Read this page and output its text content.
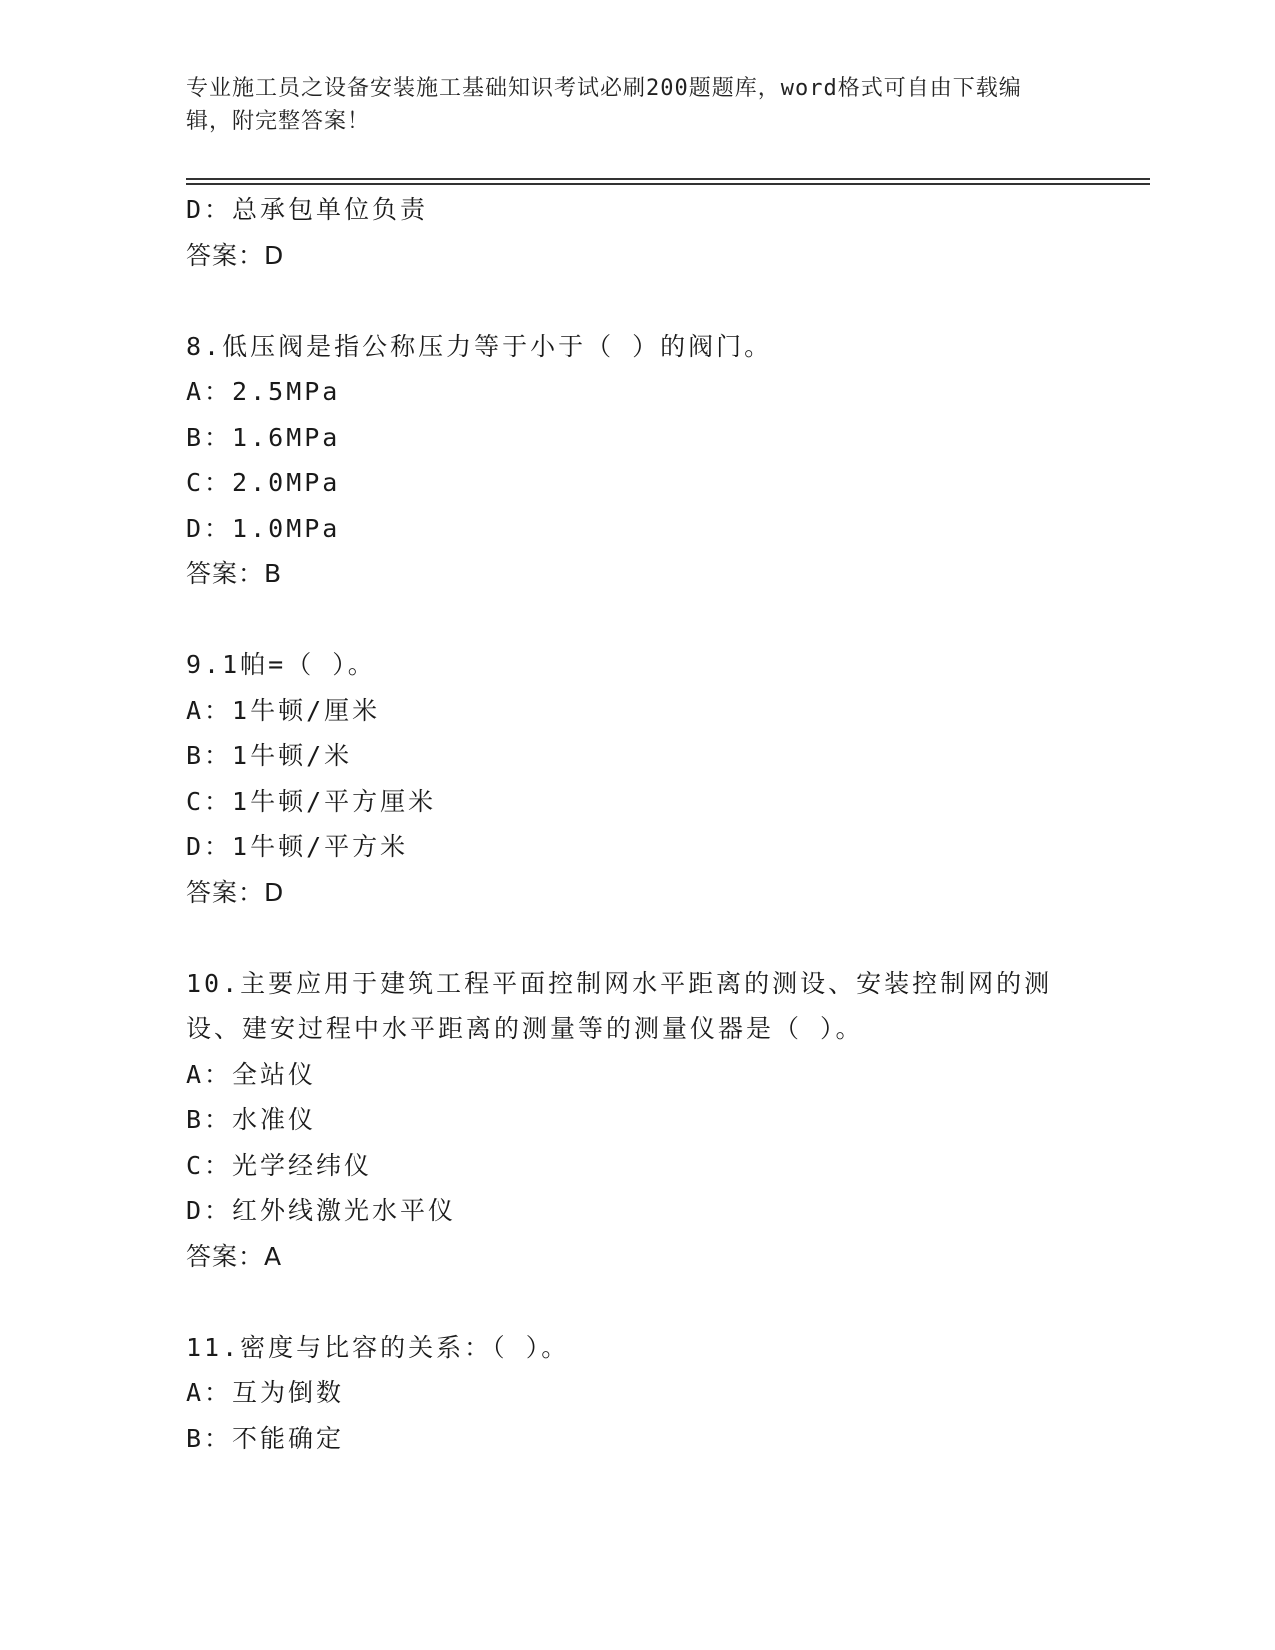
专业施工员之设备安装施工基础知识考试必刷200题题库，word格式可自由下载编辑，附完整答案！
D：总承包单位负责
答案：D
8.低压阀是指公称压力等于小于（ ）的阀门。
A：2.5MPa
B：1.6MPa
C：2.0MPa
D：1.0MPa
答案：B
9.1帕=（ ）。
A：1牛顿/厘米
B：1牛顿/米
C：1牛顿/平方厘米
D：1牛顿/平方米
答案：D
10.主要应用于建筑工程平面控制网水平距离的测设、安装控制网的测设、建安过程中水平距离的测量等的测量仪器是（ ）。
A：全站仪
B：水准仪
C：光学经纬仪
D：红外线激光水平仪
答案：A
11.密度与比容的关系：（ ）。
A：互为倒数
B：不能确定
